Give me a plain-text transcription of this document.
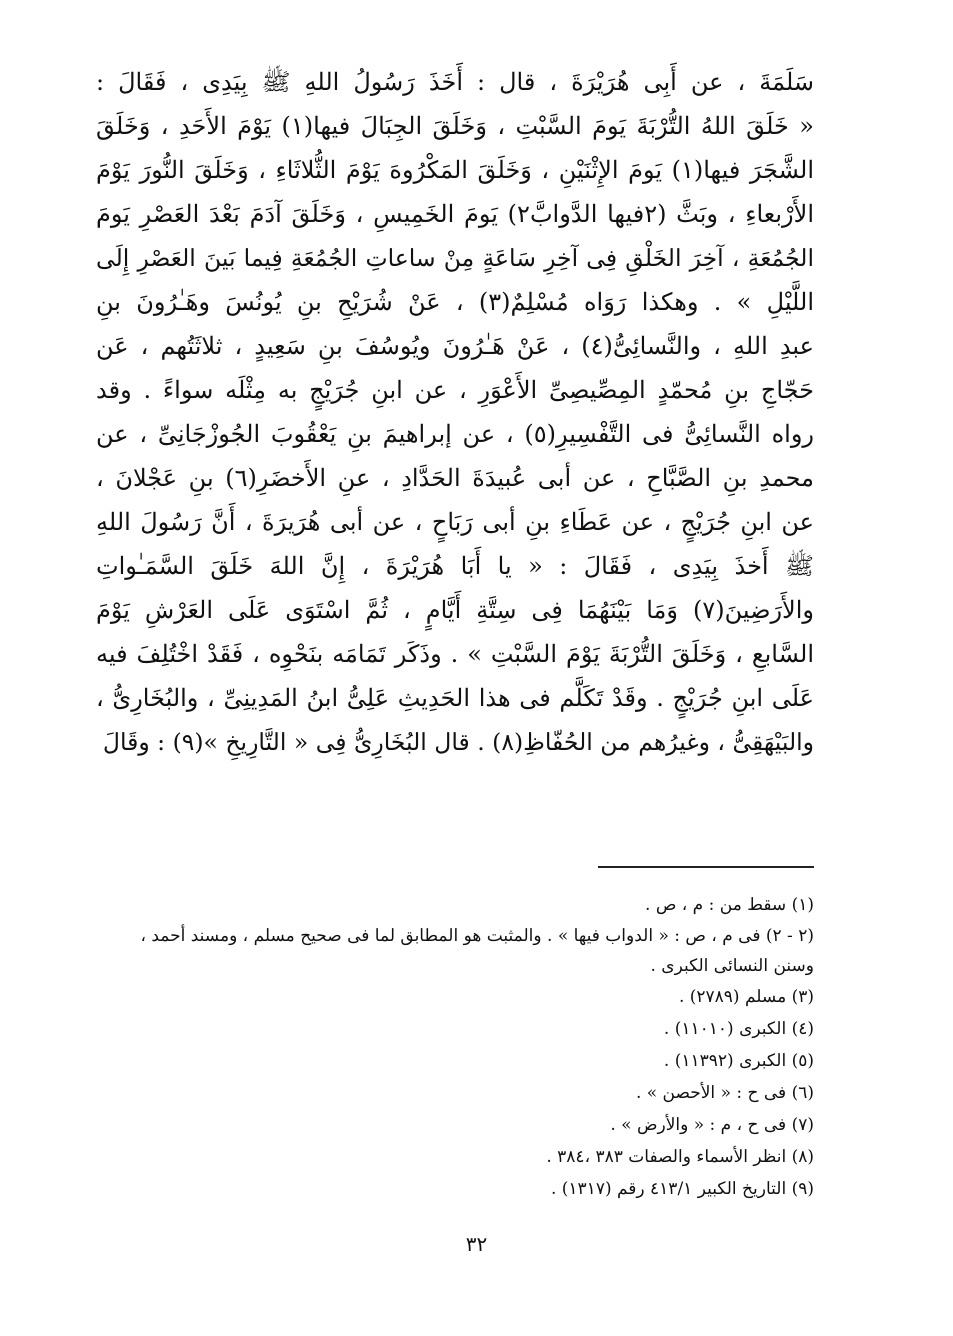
سَلَمَةَ ، عن أَبِى هُرَيْرَةَ ، قال : أَخَذَ رَسُولُ اللهِ ﷺ بِيَدِى ، فَقَالَ :
« خَلَقَ اللهُ التُّرْبَةَ يَومَ السَّبْتِ ، وَخَلَقَ الجِبَالَ فيها(١) يَوْمَ الأَحَدِ ، وَخَلَقَ
الشَّجَرَ فيها(١) يَومَ الإِثْنَيْنِ ، وَخَلَقَ المَكْرُوهَ يَوْمَ الثُّلاثَاءِ ، وَخَلَقَ النُّورَ يَوْمَ
الأَرْبعاءِ ، وبَثَّ (٢فيها الدَّوابَّ٢) يَومَ الخَمِيسِ ، وَخَلَقَ آدَمَ بَعْدَ العَصْرِ يَومَ
الجُمُعَةِ ، آخِرَ الخَلْقِ فِى آخِرِ سَاعَةٍ مِنْ ساعاتِ الجُمُعَةِ فِيما بَينَ العَصْرِ إِلَى
اللَّيْلِ » . وهكذا رَوَاه مُسْلِمٌ(٣) ، عَنْ شُرَيْحِ بنِ يُونُسَ وهَـٰرُونَ بنِ
عبدِ اللهِ ، والنَّسائِىُّ(٤) ، عَنْ هَـٰرُونَ ويُوسُفَ بنِ سَعِيدٍ ، ثلاثَتُهم ، عَن
حَجّاجِ بنِ مُحمّدٍ المِصِّيصِىِّ الأَعْوَرِ ، عن ابنِ جُرَيْجٍ به مِثْلَه سواءً . وقد
رواه النَّسائِىُّ فى التَّفْسِيرِ(٥) ، عن إبراهيمَ بنِ يَعْقُوبَ الجُوزْجَانِىِّ ، عن
محمدِ بنِ الصَّبَّاحِ ، عن أبى عُبيدَةَ الحَدَّادِ ، عنِ الأَخضَرِ(٦) بنِ عَجْلانَ ،
عن ابنِ جُرَيْجٍ ، عن عَطَاءِ بنِ أبى رَبَاحٍ ، عن أبى هُرَيرَةَ ، أَنَّ رَسُولَ اللهِ
ﷺ أَخذَ بِيَدِى ، فَقَالَ : « يا أَبَا هُرَيْرَةَ ، إِنَّ اللهَ خَلَقَ السَّمَـٰواتِ
والأَرَضِينَ(٧) وَمَا بَيْنَهُمَا فِى سِتَّةِ أَيَّامٍ ، ثُمَّ اسْتَوَى عَلَى العَرْشِ يَوْمَ
السَّابعِ ، وَخَلَقَ التُّرْبَةَ يَوْمَ السَّبْتِ » . وذَكَر تَمَامَه بنَحْوِه ، فَقَدْ اخْتُلِفَ فيه
عَلَى ابنِ جُرَيْجٍ . وقَدْ تَكَلَّم فى هذا الحَدِيثِ عَلِىُّ ابنُ المَدِينِىِّ ، والبُخَارِىُّ ،
والبَيْهَقِىُّ ، وغيرُهم من الحُفّاظِ(٨) . قال البُخَارِىُّ فِى « التَّارِيخِ »(٩) : وقَالَ
(١) سقط من : م ، ص .
(٢ - ٢) فى م ، ص : « الدواب فيها » . والمثبت هو المطابق لما فى صحيح مسلم ، ومسند أحمد ، وسنن النسائى الكبرى .
(٣) مسلم (٢٧٨٩) .
(٤) الكبرى (١١٠١٠) .
(٥) الكبرى (١١٣٩٢) .
(٦) فى ح : « الأحصن » .
(٧) فى ح ، م : « والأرض » .
(٨) انظر الأسماء والصفات ٣٨٣ ،٣٨٤ .
(٩) التاريخ الكبير ٤١٣/١ رقم (١٣١٧) .
٣٢
